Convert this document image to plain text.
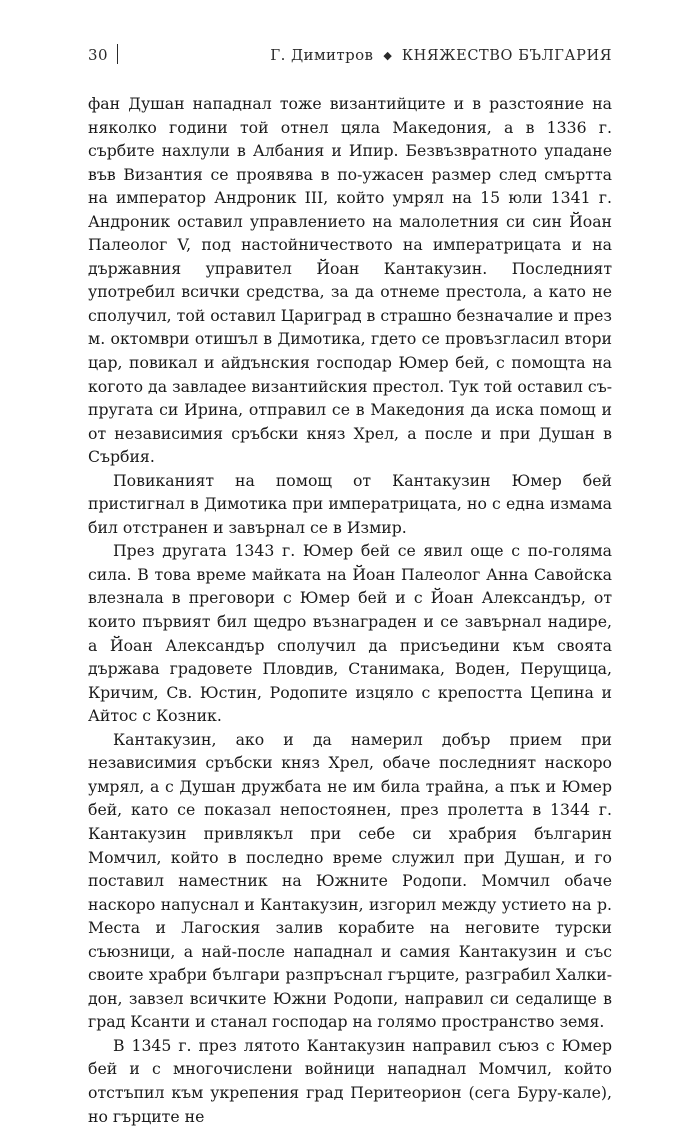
30	Г. Димитров ◆ КНЯЖЕСТВО БЪЛГАРИЯ

фан Душан нападнал тоже византийците и в разстояние на няколко години той отнел цяла Македония, а в 1336 г. сърбите нахлули в Албания и Ипир. Безвъзвратното упадане във Византия се проявява в по-ужасен размер след смъртта на император Андроник III, който умрял на 15 юли 1341 г. Андроник оставил управлението на малолетния си син Йоан Палеолог V, под настойничеството на императрицата и на държавния управител Йоан Кантакузин. Последният употребил всички средства, за да отнеме престола, а като не сполучил, той оставил Цариград в страшно безначалие и през м. октомври отишъл в Димотика, гдето се провъзгласил втори цар, повикал и айдънския господар Юмер бей, с помощта на когото да завладее византийския престол. Тук той оставил съпругата си Ирина, отправил се в Македония да иска помощ и от независимия сръбски княз Хрел, а после и при Душан в Сърбия.

Повиканият на помощ от Кантакузин Юмер бей пристигнал в Димотика при императрицата, но с една измама бил отстранен и завърнал се в Измир.

През другата 1343 г. Юмер бей се явил още с по-голяма сила. В това време майката на Йоан Палеолог Анна Савойска влезнала в преговори с Юмер бей и с Йоан Александър, от които първият бил щедро възнаграден и се завърнал надире, а Йоан Александър сполучил да присъедини към своята държава градовете Пловдив, Станимака, Воден, Перущица, Кричим, Св. Юстин, Родопите изцяло с крепостта Цепина и Айтос с Козник.

Кантакузин, ако и да намерил добър прием при независимия сръбски княз Хрел, обаче последният наскоро умрял, а с Душан дружбата не им била трайна, а пък и Юмер бей, като се показал непостоянен, през пролетта в 1344 г. Кантакузин привлякъл при себе си храбрия българин Момчил, който в последно време служил при Душан, и го поставил наместник на Южните Родопи. Момчил обаче наскоро напуснал и Кантакузин, изгорил между устието на р. Места и Лагоския залив корабите на неговите турски съюзници, а най-после нападнал и самия Кантакузин и със своите храбри българи разпръснал гърците, разграбил Халкидон, завзел всичките Южни Родопи, направил си седалище в град Ксанти и станал господар на голямо пространство земя.

В 1345 г. през лятото Кантакузин направил съюз с Юмер бей и с многочислени войници нападнал Момчил, който отстъпил към укрепения град Перитеорион (сега Буру-кале), но гърците не
